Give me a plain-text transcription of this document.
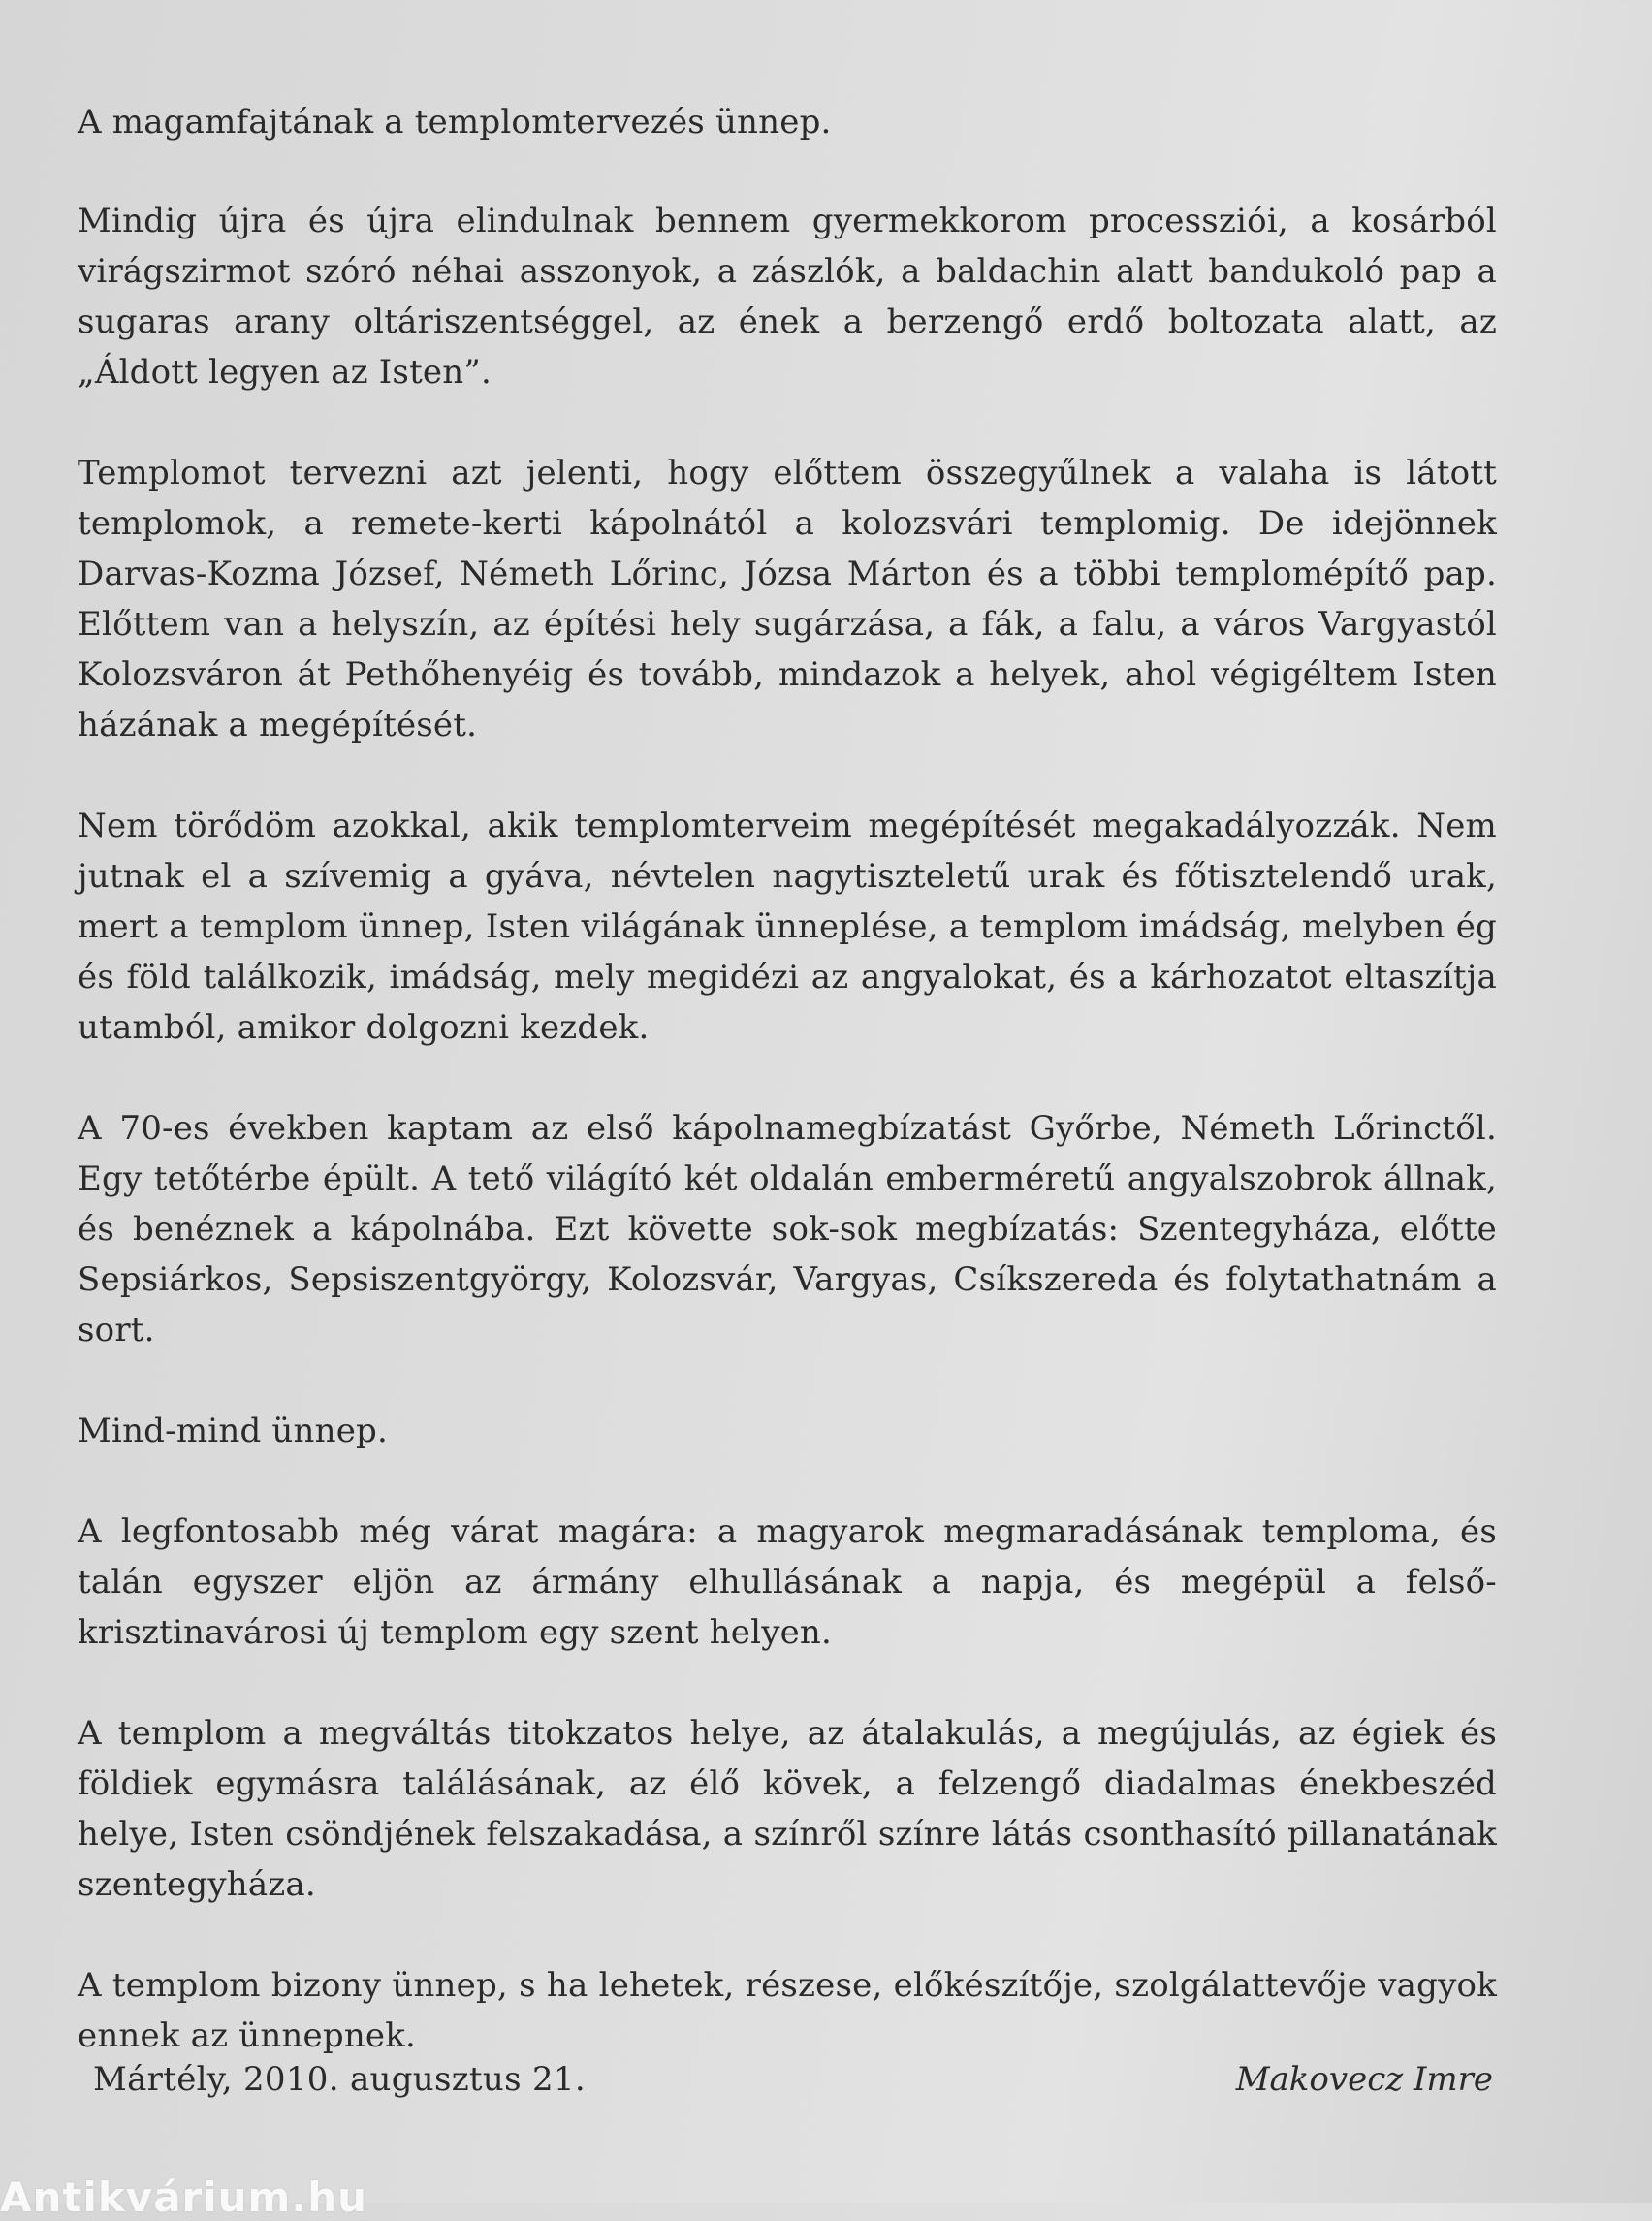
A magamfajtának a templomtervezés ünnep.

Mindig újra és újra elindulnak bennem gyermekkorom processziói, a kosárból virágszirmot szóró néhai asszonyok, a zászlók, a baldachin alatt bandukoló pap a sugaras arany oltáriszentséggel, az ének a berzengő erdő boltozata alatt, az „Áldott legyen az Isten”.

Templomot tervezni azt jelenti, hogy előttem összegyűlnek a valaha is látott templomok, a remete-kerti kápolnától a kolozsvári templomig. De idejönnek Darvas-Kozma József, Németh Lőrinc, Józsa Márton és a többi templomépítő pap. Előttem van a helyszín, az építési hely sugárzása, a fák, a falu, a város Vargyastól Kolozsváron át Pethőhenyéig és tovább, mindazok a helyek, ahol végigéltem Isten házának a megépítését.

Nem törődöm azokkal, akik templomterveim megépítését megakadályozzák. Nem jutnak el a szívemig a gyáva, névtelen nagytiszteletű urak és főtisztelendő urak, mert a templom ünnep, Isten világának ünneplése, a templom imádság, melyben ég és föld találkozik, imádság, mely megidézi az angyalokat, és a kárhozatot eltaszítja utamból, amikor dolgozni kezdek.

A 70-es években kaptam az első kápolnamegbízatást Győrbe, Németh Lőrinctől. Egy tetőtérbe épült. A tető világító két oldalán emberméretű angyalszobrok állnak, és benéznek a kápolnába. Ezt követte sok-sok megbízatás: Szentegyháza, előtte Sepsiárkos, Sepsiszentgyörgy, Kolozsvár, Vargyas, Csíkszereda és folytathatnám a sort.

Mind-mind ünnep.

A legfontosabb még várat magára: a magyarok megmaradásának temploma, és talán egyszer eljön az ármány elhullásának a napja, és megépül a felső-krisztinavárosi új templom egy szent helyen.

A templom a megváltás titokzatos helye, az átalakulás, a megújulás, az égiek és földiek egymásra találásának, az élő kövek, a felzengő diadalmas énekbeszéd helye, Isten csöndjének felszakadása, a színről színre látás csonthasító pillanatának szentegyháza.

A templom bizony ünnep, s ha lehetek, részese, előkészítője, szolgálattevője vagyok ennek az ünnepnek.

Mártély, 2010. augusztus 21.	Makovecz Imre
Antikvárium.hu
